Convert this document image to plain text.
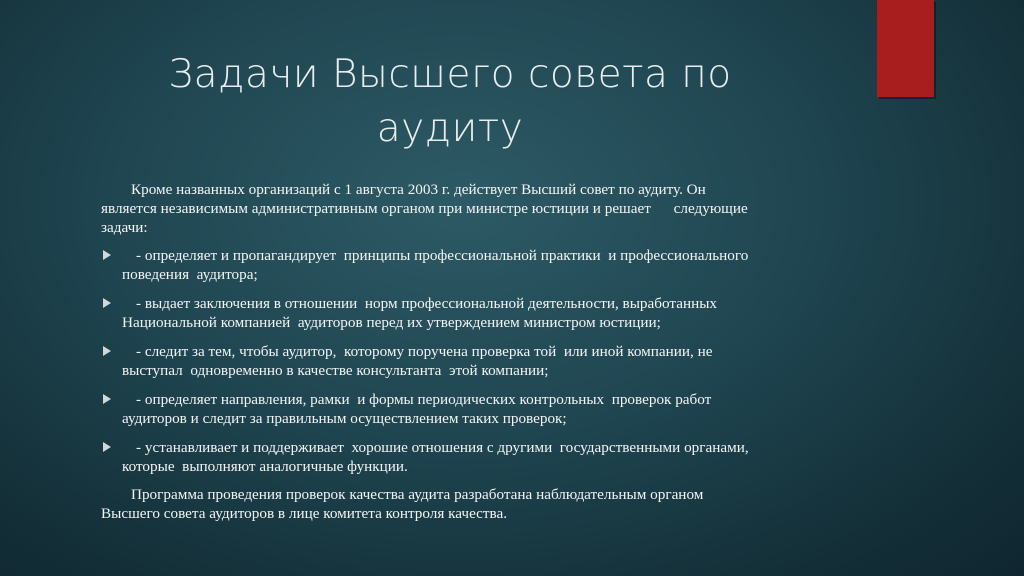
Задачи Высшего совета по
аудиту
Кроме названных организаций с 1 августа 2003 г. действует Высший совет по аудиту. Он
является независимым административным органом при министре юстиции и решает      следующие
задачи:
- определяет и пропагандирует  принципы профессиональной практики  и профессионального
поведения  аудитора;
- выдает заключения в отношении  норм профессиональной деятельности, выработанных
Национальной компанией  аудиторов перед их утверждением министром юстиции;
- следит за тем, чтобы аудитор,  которому поручена проверка той  или иной компании, не
выступал  одновременно в качестве консультанта  этой компании;
- определяет направления, рамки  и формы периодических контрольных  проверок работ
аудиторов и следит за правильным осуществлением таких проверок;
- устанавливает и поддерживает  хорошие отношения с другими  государственными органами,
которые  выполняют аналогичные функции.
Программа проведения проверок качества аудита разработана наблюдательным органом
Высшего совета аудиторов в лице комитета контроля качества.
